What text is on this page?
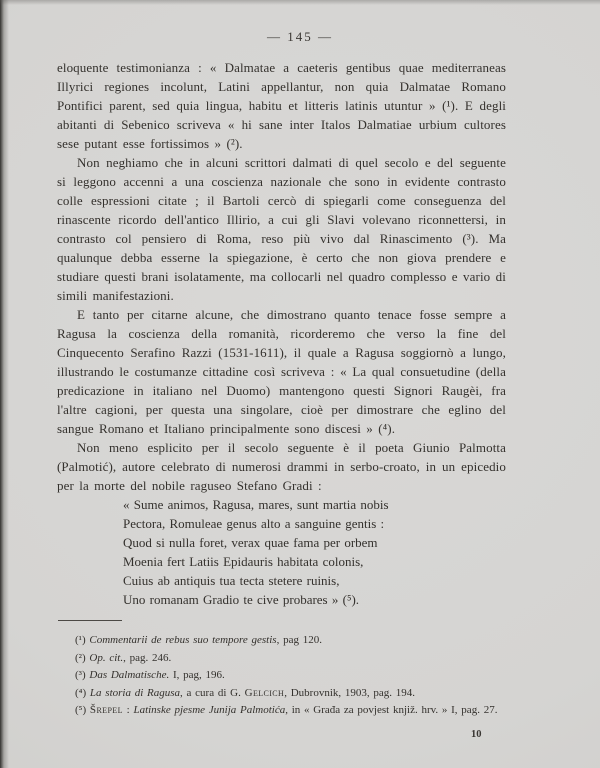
— 145 —

eloquente testimonianza : « Dalmatae a caeteris gentibus quae mediterraneas Illyrici regiones incolunt, Latini appellantur, non quia Dalmatae Romano Pontifici parent, sed quia lingua, habitu et litteris latinis utuntur » (¹). E degli abitanti di Sebenico scriveva « hi sane inter Italos Dalmatiae urbium cultores sese putant esse fortissimos » (²).

Non neghiamo che in alcuni scrittori dalmati di quel secolo e del seguente si leggono accenni a una coscienza nazionale che sono in evidente contrasto colle espressioni citate ; il Bartoli cercò di spiegarli come conseguenza del rinascente ricordo dell'antico Illirio, a cui gli Slavi volevano riconnettersi, in contrasto col pensiero di Roma, reso più vivo dal Rinascimento (³). Ma qualunque debba esserne la spiegazione, è certo che non giova prendere e studiare questi brani isolatamente, ma collocarli nel quadro complesso e vario di simili manifestazioni.

E tanto per citarne alcune, che dimostrano quanto tenace fosse sempre a Ragusa la coscienza della romanità, ricorderemo che verso la fine del Cinquecento Serafino Razzi (1531-1611), il quale a Ragusa soggiornò a lungo, illustrando le costumanze cittadine così scriveva : « La qual consuetudine (della predicazione in italiano nel Duomo) mantengono questi Signori Raugèi, fra l'altre cagioni, per questa una singolare, cioè per dimostrare che eglino del sangue Romano et Italiano principalmente sono discesi » (⁴).

Non meno esplicito per il secolo seguente è il poeta Giunio Palmotta (Palmotić), autore celebrato di numerosi drammi in serbo-croato, in un epicedio per la morte del nobile raguseo Stefano Gradi :

« Sume animos, Ragusa, mares, sunt martia nobis
Pectora, Romuleae genus alto a sanguine gentis :
Quod si nulla foret, verax quae fama per orbem
Moenia fert Latiis Epidauris habitata colonis,
Cuius ab antiquis tua tecta stetere ruinis,
Uno romanam Gradio te cive probares » (⁵).

(¹) Commentarii de rebus suo tempore gestis, pag 120.

(²) Op. cit., pag. 246.

(³) Das Dalmatische. I, pag, 196.

(⁴) La storia di Ragusa, a cura di G. Gelcich, Dubrovnik, 1903, pag. 194.

(⁵) Šrepel : Latinske pjesme Junija Palmotića, in « Građa za povjest knjiž. hrv. » I, pag. 27.

10
